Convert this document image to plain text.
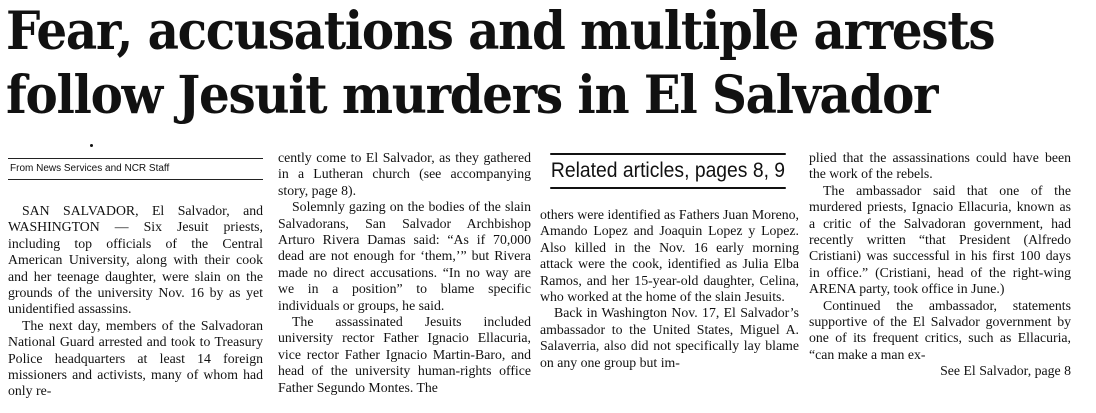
Fear, accusations and multiple arrests
follow Jesuit murders in El Salvador
From News Services and NCR Staff

SAN SALVADOR, El Salvador, and WASHINGTON — Six Jesuit priests, including top officials of the Central American University, along with their cook and her teenage daughter, were slain on the grounds of the university Nov. 16 by as yet unidentified assassins.

The next day, members of the Salvadoran National Guard arrested and took to Treasury Police headquarters at least 14 foreign missioners and activists, many of whom had only re-

cently come to El Salvador, as they gathered in a Lutheran church (see accompanying story, page 8).

Solemnly gazing on the bodies of the slain Salvadorans, San Salvador Archbishop Arturo Rivera Damas said: “As if 70,000 dead are not enough for ‘them,’” but Rivera made no direct accusations. “In no way are we in a position” to blame specific individuals or groups, he said.

The assassinated Jesuits included university rector Father Ignacio Ellacuria, vice rector Father Ignacio Martin-Baro, and head of the university human-rights office Father Segundo Montes. The

Related articles, pages 8, 9

others were identified as Fathers Juan Moreno, Amando Lopez and Joaquin Lopez y Lopez. Also killed in the Nov. 16 early morning attack were the cook, identified as Julia Elba Ramos, and her 15-year-old daughter, Celina, who worked at the home of the slain Jesuits.

Back in Washington Nov. 17, El Salvador’s ambassador to the United States, Miguel A. Salaverria, also did not specifically lay blame on any one group but im-

plied that the assassinations could have been the work of the rebels.

The ambassador said that one of the murdered priests, Ignacio Ellacuria, known as a critic of the Salvadoran government, had recently written “that President (Alfredo Cristiani) was successful in his first 100 days in office.” (Cristiani, head of the right-wing ARENA party, took office in June.)

Continued the ambassador, statements supportive of the El Salvador government by one of its frequent critics, such as Ellacuria, “can make a man ex-

See El Salvador, page 8
